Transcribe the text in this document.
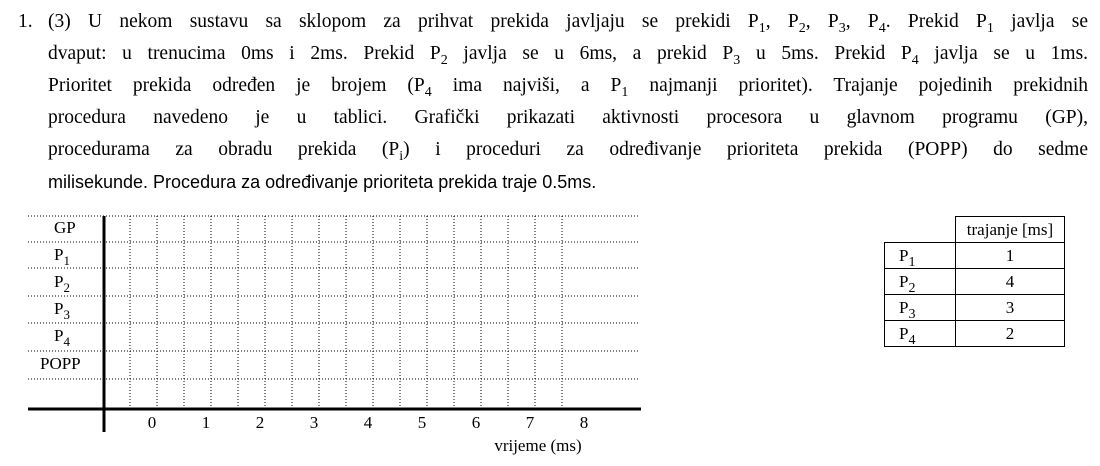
1. (3) U nekom sustavu sa sklopom za prihvat prekida javljaju se prekidi $P_1$, $P_2$, $P_3$, $P_4$. Prekid $P_1$ javlja se
dvaput: u trenucima 0ms i 2ms. Prekid $P_2$ javlja se u 6ms, a prekid $P_3$ u 5ms. Prekid $P_4$ javlja se u 1ms.
Prioritet prekida određen je brojem ($P_4$ ima najviši, a $P_1$ najmanji prioritet). Trajanje pojedinih prekidnih
procedura navedeno je u tablici. Grafički prikazati aktivnosti procesora u glavnom programu (GP),
procedurama za obradu prekida $(P_i)$ i proceduri za određivanje prioriteta prekida (POPP) do sedme
milisekunde. Procedura za određivanje prioriteta prekida traje 0.5ms.
GP
$P_1$
$P_2$
$P_3$
$P_4$
POPP
0	1	2	3	4	5	6	7	8
vrijeme (ms)
	trajanje [ms]
$P_1$	1
$P_2$	4
$P_3$	3
$P_4$	2
